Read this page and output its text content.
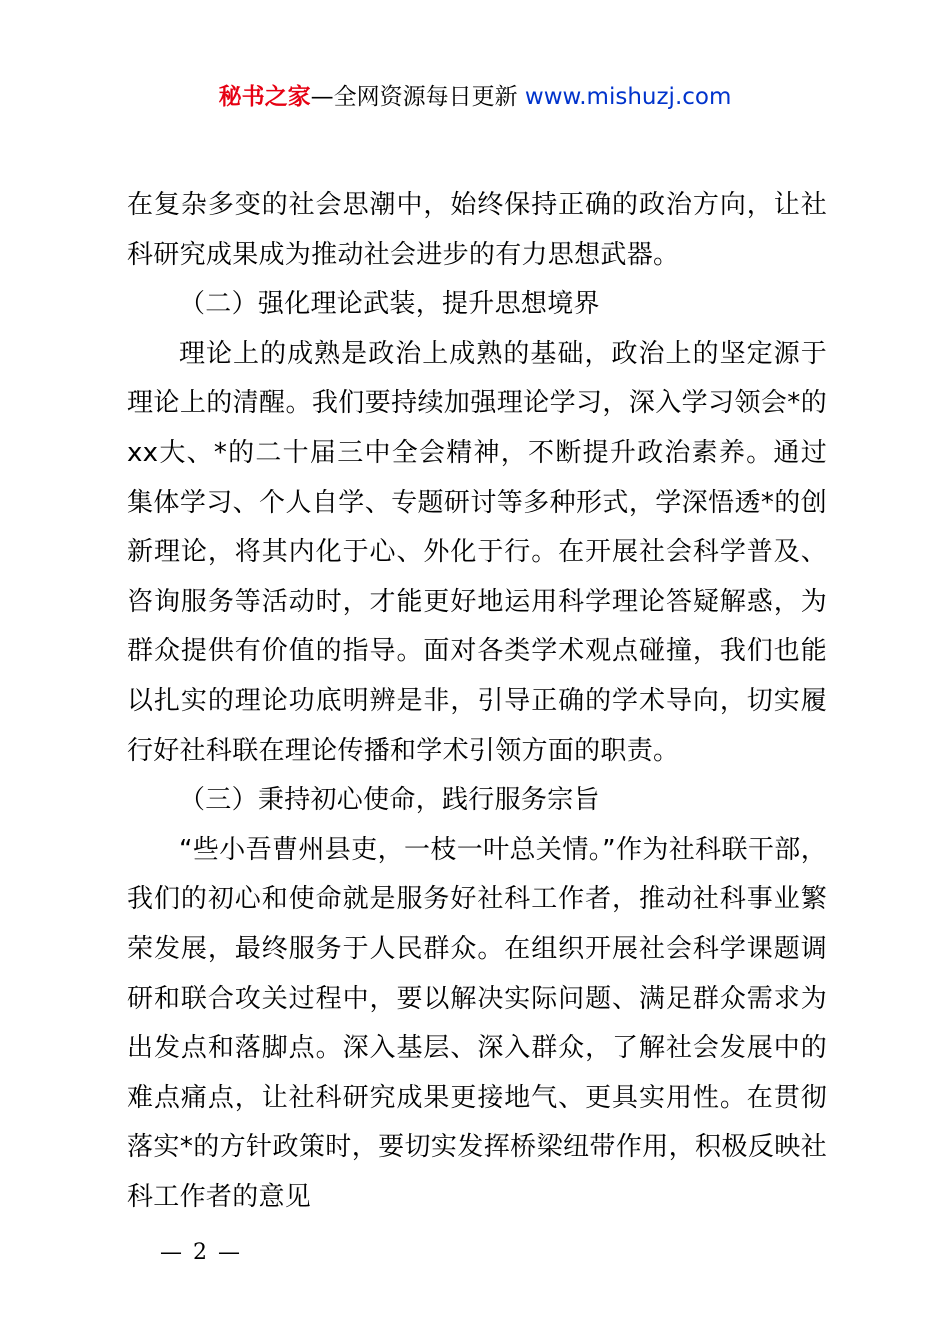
秘书之家—全网资源每日更新 www.mishuzj.com

在复杂多变的社会思潮中，始终保持正确的政治方向，让社科研究成果成为推动社会进步的有力思想武器。

（二）强化理论武装，提升思想境界

理论上的成熟是政治上成熟的基础，政治上的坚定源于理论上的清醒。我们要持续加强理论学习，深入学习领会*的xx大、*的二十届三中全会精神，不断提升政治素养。通过集体学习、个人自学、专题研讨等多种形式，学深悟透*的创新理论，将其内化于心、外化于行。在开展社会科学普及、咨询服务等活动时，才能更好地运用科学理论答疑解惑，为群众提供有价值的指导。面对各类学术观点碰撞，我们也能以扎实的理论功底明辨是非，引导正确的学术导向，切实履行好社科联在理论传播和学术引领方面的职责。

（三）秉持初心使命，践行服务宗旨

“些小吾曹州县吏，一枝一叶总关情。”作为社科联干部，我们的初心和使命就是服务好社科工作者，推动社科事业繁荣发展，最终服务于人民群众。在组织开展社会科学课题调研和联合攻关过程中，要以解决实际问题、满足群众需求为出发点和落脚点。深入基层、深入群众，了解社会发展中的难点痛点，让社科研究成果更接地气、更具实用性。在贯彻落实*的方针政策时，要切实发挥桥梁纽带作用，积极反映社科工作者的意见

— 2 —
